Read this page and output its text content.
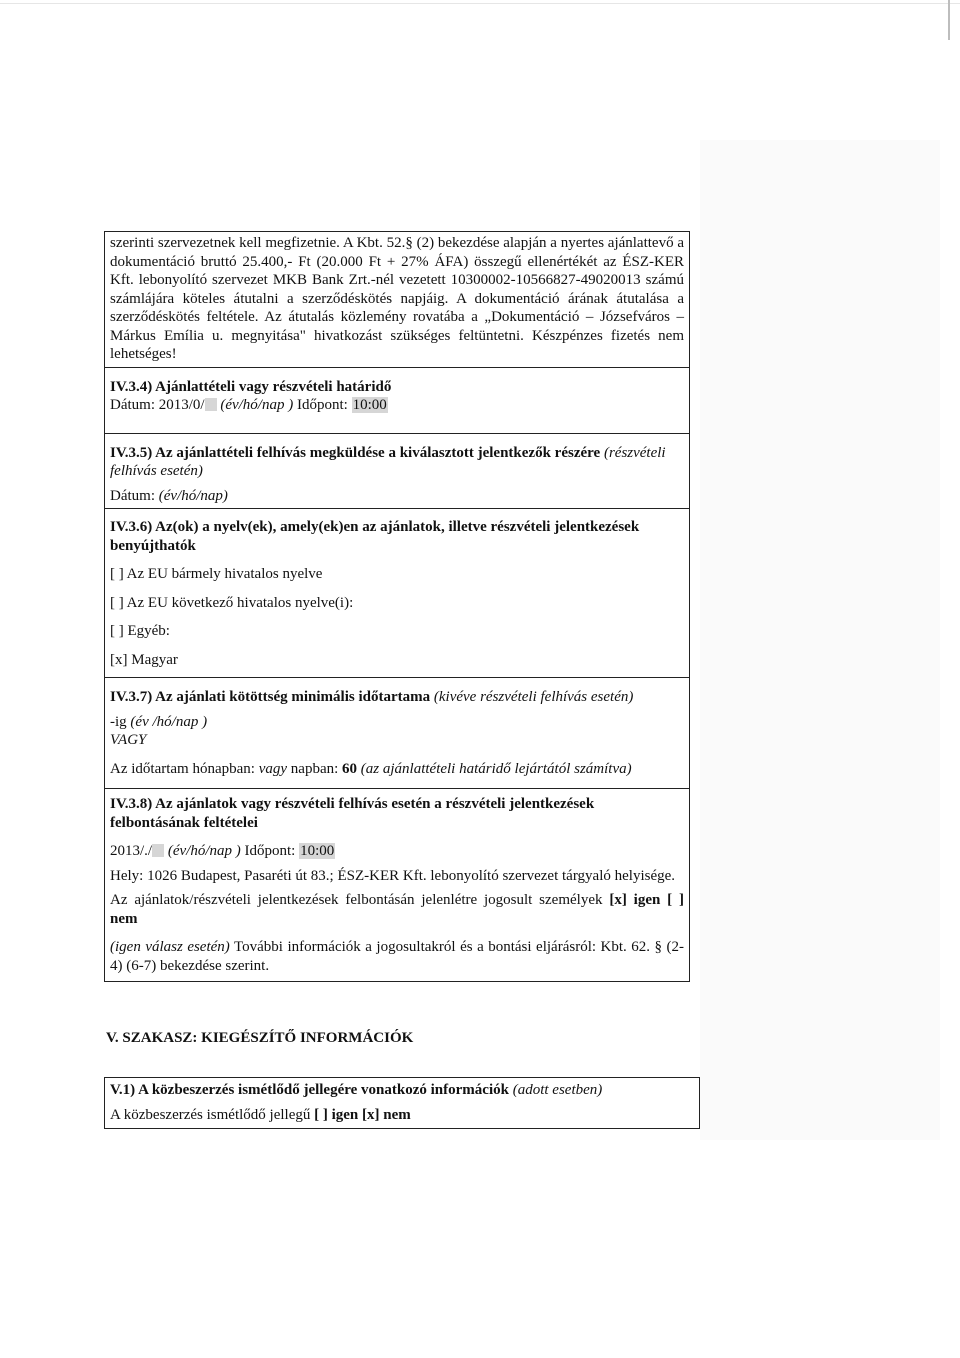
szerinti szervezetnek kell megfizetnie. A Kbt. 52.§ (2) bekezdése alapján a nyertes ajánlattevő a dokumentáció bruttó 25.400,- Ft (20.000 Ft + 27% ÁFA) összegű ellenértékét az ÉSZ-KER Kft. lebonyolító szervezet MKB Bank Zrt.-nél vezetett 10300002-10566827-49020013 számú számlájára köteles átutalni a szerződéskötés napjáig. A dokumentáció árának átutalása a szerződéskötés feltétele. Az átutalás közlemény rovatába a „Dokumentáció – Józsefváros – Márkus Emília u. megnyitása" hivatkozást szükséges feltüntetni. Készpénzes fizetés nem lehetséges!

IV.3.4) Ajánlattételi vagy részvételi határidő

Dátum: 2013/0/ (év/hó/nap ) Időpont: 10:00

IV.3.5) Az ajánlattételi felhívás megküldése a kiválasztott jelentkezők részére (részvételi felhívás esetén)

Dátum: (év/hó/nap)

IV.3.6) Az(ok) a nyelv(ek), amely(ek)en az ajánlatok, illetve részvételi jelentkezések benyújthatók

[ ] Az EU bármely hivatalos nyelve

[ ] Az EU következő hivatalos nyelve(i):

[ ] Egyéb:

[x] Magyar

IV.3.7) Az ajánlati kötöttség minimális időtartama (kivéve részvételi felhívás esetén)

-ig (év /hó/nap )

VAGY

Az időtartam hónapban: vagy napban: 60 (az ajánlattételi határidő lejártától számítva)

IV.3.8) Az ajánlatok vagy részvételi felhívás esetén a részvételi jelentkezések felbontásának feltételei

2013/./ (év/hó/nap ) Időpont: 10:00

Hely: 1026 Budapest, Pasaréti út 83.; ÉSZ-KER Kft. lebonyolító szervezet tárgyaló helyisége.

Az ajánlatok/részvételi jelentkezések felbontásán jelenlétre jogosult személyek [x] igen [ ] nem

(igen válasz esetén) További információk a jogosultakról és a bontási eljárásról: Kbt. 62. § (2-4) (6-7) bekezdése szerint.

V. SZAKASZ: KIEGÉSZÍTŐ INFORMÁCIÓK

V.1) A közbeszerzés ismétlődő jellegére vonatkozó információk (adott esetben)

A közbeszerzés ismétlődő jellegű [ ] igen [x] nem
